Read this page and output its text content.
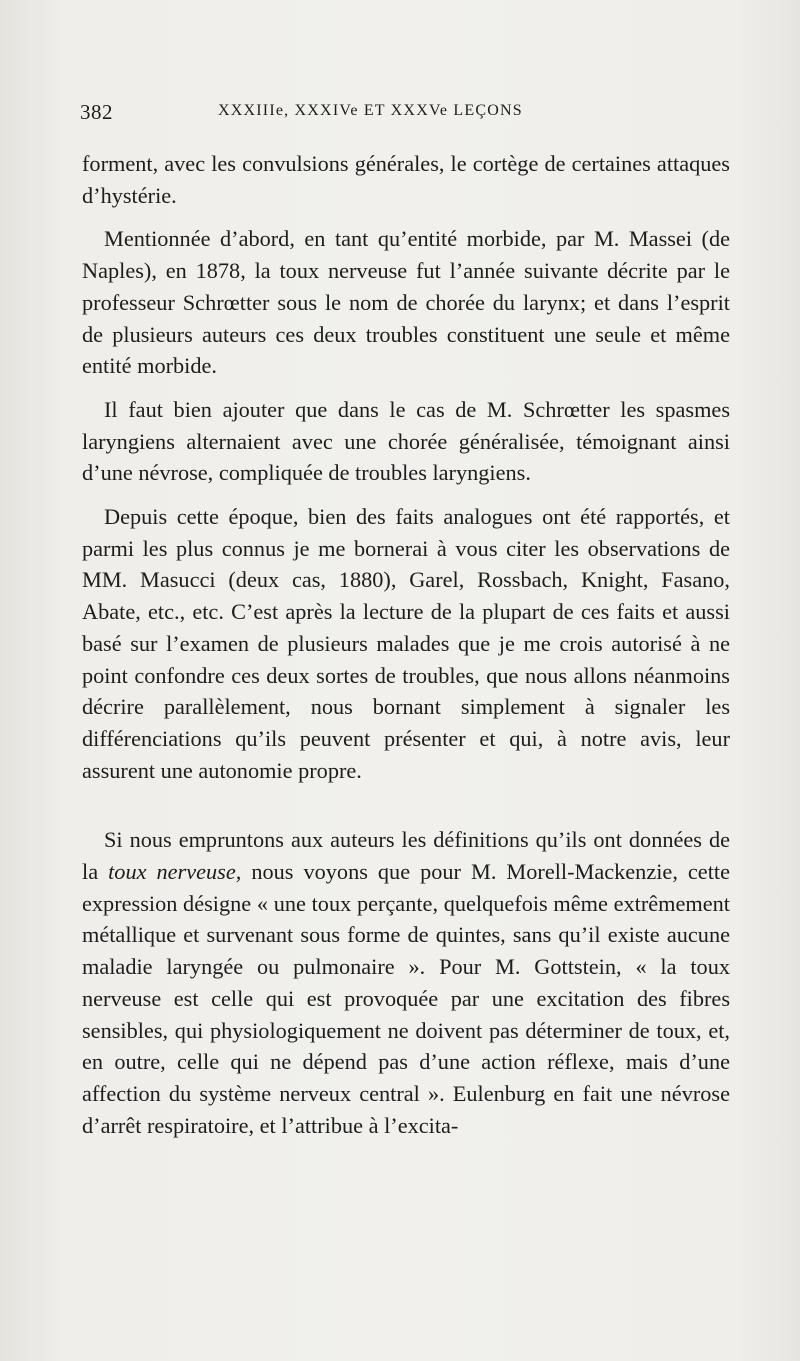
382	XXXIIIe, XXXIVe ET XXXVe LEÇONS

forment, avec les convulsions générales, le cortège de certaines attaques d’hystérie.

Mentionnée d’abord, en tant qu’entité morbide, par M. Massei (de Naples), en 1878, la toux nerveuse fut l’année suivante décrite par le professeur Schrœtter sous le nom de chorée du larynx; et dans l’esprit de plusieurs auteurs ces deux troubles constituent une seule et même entité morbide.

Il faut bien ajouter que dans le cas de M. Schrœtter les spasmes laryngiens alternaient avec une chorée généralisée, témoignant ainsi d’une névrose, compliquée de troubles laryngiens.

Depuis cette époque, bien des faits analogues ont été rapportés, et parmi les plus connus je me bornerai à vous citer les observations de MM. Masucci (deux cas, 1880), Garel, Rossbach, Knight, Fasano, Abate, etc., etc. C’est après la lecture de la plupart de ces faits et aussi basé sur l’examen de plusieurs malades que je me crois autorisé à ne point confondre ces deux sortes de troubles, que nous allons néanmoins décrire parallèlement, nous bornant simplement à signaler les différenciations qu’ils peuvent présenter et qui, à notre avis, leur assurent une autonomie propre.

Si nous empruntons aux auteurs les définitions qu’ils ont données de la toux nerveuse, nous voyons que pour M. Morell-Mackenzie, cette expression désigne « une toux perçante, quelquefois même extrêmement métallique et survenant sous forme de quintes, sans qu’il existe aucune maladie laryngée ou pulmonaire ». Pour M. Gottstein, « la toux nerveuse est celle qui est provoquée par une excitation des fibres sensibles, qui physiologiquement ne doivent pas déterminer de toux, et, en outre, celle qui ne dépend pas d’une action réflexe, mais d’une affection du système nerveux central ». Eulenburg en fait une névrose d’arrêt respiratoire, et l’attribue à l’excita-
